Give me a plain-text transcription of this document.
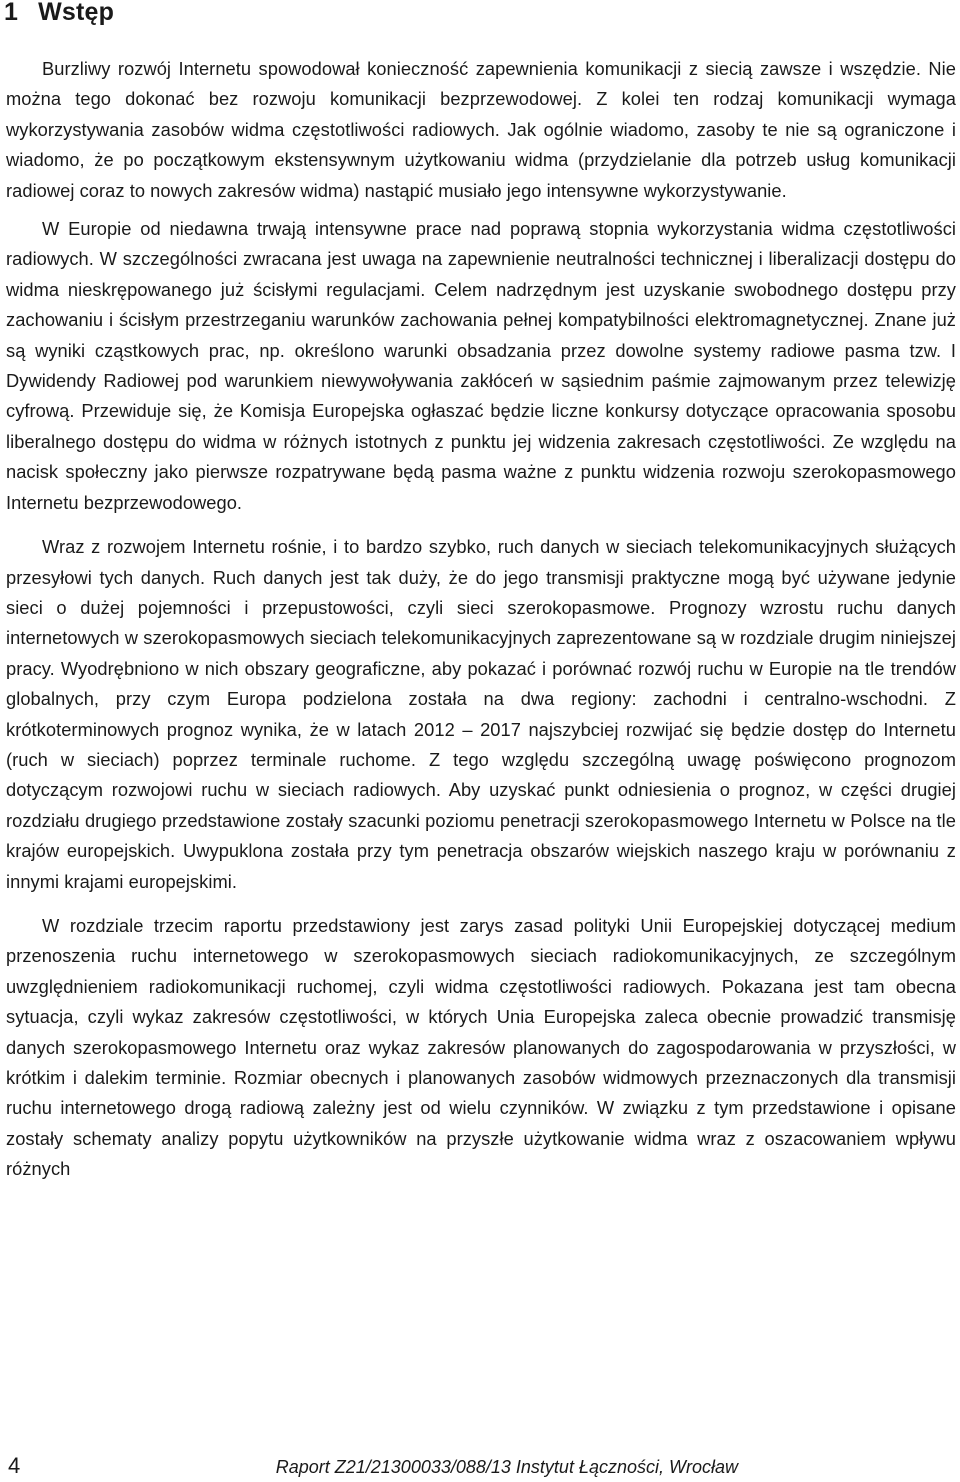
1 Wstęp

Burzliwy rozwój Internetu spowodował konieczność zapewnienia komunikacji z siecią zawsze i wszędzie. Nie można tego dokonać bez rozwoju komunikacji bezprzewodowej. Z kolei ten rodzaj komunikacji wymaga wykorzystywania zasobów widma częstotliwości radiowych. Jak ogólnie wiadomo, zasoby te nie są ograniczone i wiadomo, że po początkowym ekstensywnym użytkowaniu widma (przydzielanie dla potrzeb usług komunikacji radiowej coraz to nowych zakresów widma) nastąpić musiało jego intensywne wykorzystywanie.

W Europie od niedawna trwają intensywne prace nad poprawą stopnia wykorzystania widma częstotliwości radiowych. W szczególności zwracana jest uwaga na zapewnienie neutralności technicznej i liberalizacji dostępu do widma nieskrępowanego już ścisłymi regulacjami. Celem nadrzędnym jest uzyskanie swobodnego dostępu przy zachowaniu i ścisłym przestrzeganiu warunków zachowania pełnej kompatybilności elektromagnetycznej. Znane już są wyniki cząstkowych prac, np. określono warunki obsadzania przez dowolne systemy radiowe pasma tzw. I Dywidendy Radiowej pod warunkiem niewywoływania zakłóceń w sąsiednim paśmie zajmowanym przez telewizję cyfrową. Przewiduje się, że Komisja Europejska ogłaszać będzie liczne konkursy dotyczące opracowania sposobu liberalnego dostępu do widma w różnych istotnych z punktu jej widzenia zakresach częstotliwości. Ze względu na nacisk społeczny jako pierwsze rozpatrywane będą pasma ważne z punktu widzenia rozwoju szerokopasmowego Internetu bezprzewodowego.

Wraz z rozwojem Internetu rośnie, i to bardzo szybko, ruch danych w sieciach telekomunikacyjnych służących przesyłowi tych danych. Ruch danych jest tak duży, że do jego transmisji praktyczne mogą być używane jedynie sieci o dużej pojemności i przepustowości, czyli sieci szerokopasmowe. Prognozy wzrostu ruchu danych internetowych w szerokopasmowych sieciach telekomunikacyjnych zaprezentowane są w rozdziale drugim niniejszej pracy. Wyodrębniono w nich obszary geograficzne, aby pokazać i porównać rozwój ruchu w Europie na tle trendów globalnych, przy czym Europa podzielona została na dwa regiony: zachodni i centralno-wschodni. Z krótkoterminowych prognoz wynika, że w latach 2012 – 2017 najszybciej rozwijać się będzie dostęp do Internetu (ruch w sieciach) poprzez terminale ruchome. Z tego względu szczególną uwagę poświęcono prognozom dotyczącym rozwojowi ruchu w sieciach radiowych. Aby uzyskać punkt odniesienia o prognoz, w części drugiej rozdziału drugiego przedstawione zostały szacunki poziomu penetracji szerokopasmowego Internetu w Polsce na tle krajów europejskich. Uwypuklona została przy tym penetracja obszarów wiejskich naszego kraju w porównaniu z innymi krajami europejskimi.

W rozdziale trzecim raportu przedstawiony jest zarys zasad polityki Unii Europejskiej dotyczącej medium przenoszenia ruchu internetowego w szerokopasmowych sieciach radiokomunikacyjnych, ze szczególnym uwzględnieniem radiokomunikacji ruchomej, czyli widma częstotliwości radiowych. Pokazana jest tam obecna sytuacja, czyli wykaz zakresów częstotliwości, w których Unia Europejska zaleca obecnie prowadzić transmisję danych szerokopasmowego Internetu oraz wykaz zakresów planowanych do zagospodarowania w przyszłości, w krótkim i dalekim terminie. Rozmiar obecnych i planowanych zasobów widmowych przeznaczonych dla transmisji ruchu internetowego drogą radiową zależny jest od wielu czynników. W związku z tym przedstawione i opisane zostały schematy analizy popytu użytkowników na przyszłe użytkowanie widma wraz z oszacowaniem wpływu różnych

4	Raport Z21/21300033/088/13 Instytut Łączności, Wrocław
